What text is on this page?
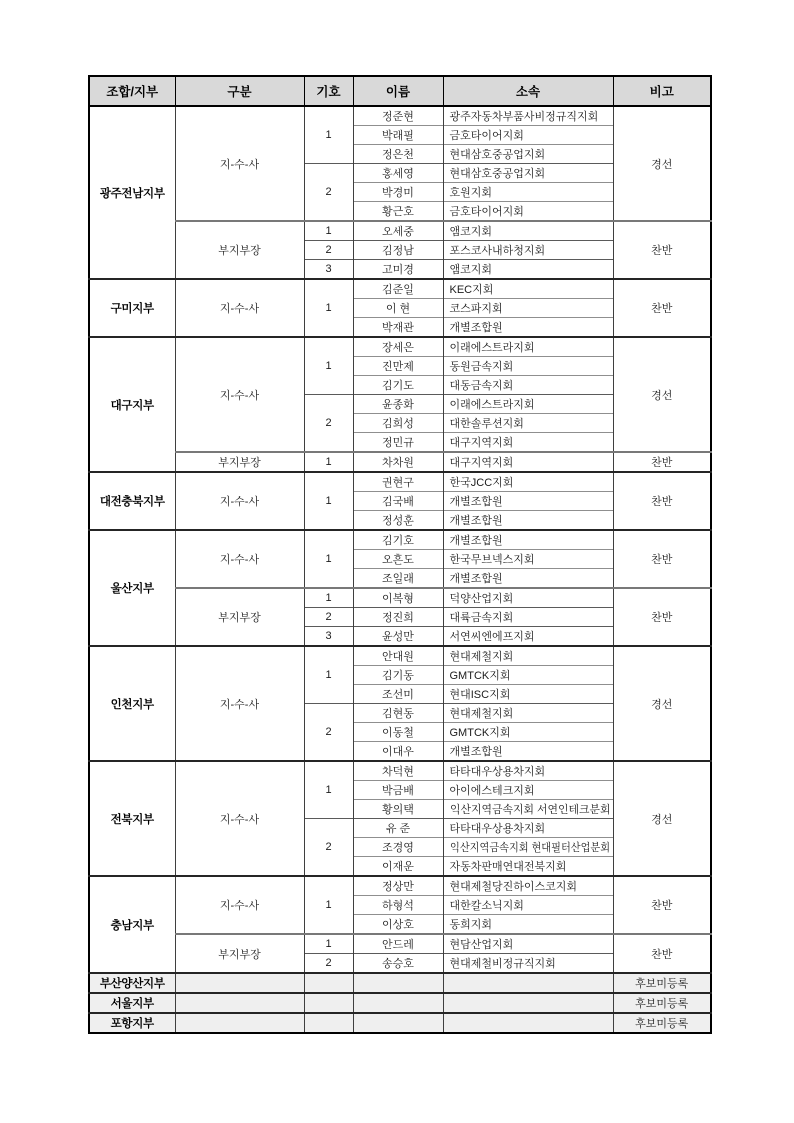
조합/지부	구분	기호	이름	소속	비고
광주전남지부	지-수-사	1	정준현	광주자동차부품사비정규직지회	경선
			박래필	금호타이어지회	
			정은천	현대삼호중공업지회	
		2	홍세영	현대삼호중공업지회	
			박경미	호원지회	
			황근호	금호타이어지회	
	부지부장	1	오세중	앰코지회	찬반
		2	김정남	포스코사내하청지회	
		3	고미경	앰코지회	
구미지부	지-수-사	1	김준일	KEC지회	찬반
			이 현	코스파지회	
			박재관	개별조합원	
대구지부	지-수-사	1	장세은	이래에스트라지회	경선
			진만제	동원금속지회	
			김기도	대동금속지회	
		2	윤종화	이래에스트라지회	
			김희성	대한솔루션지회	
			정민규	대구지역지회	
	부지부장	1	차차원	대구지역지회	찬반
대전충북지부	지-수-사	1	권현구	한국JCC지회	찬반
			김국배	개별조합원	
			정성훈	개별조합원	
울산지부	지-수-사	1	김기호	개별조합원	찬반
			오흔도	한국무브넥스지회	
			조일래	개별조합원	
	부지부장	1	이복형	덕양산업지회	찬반
		2	정진희	대륙금속지회	
		3	윤성만	서연씨엔에프지회	
인천지부	지-수-사	1	안대원	현대제철지회	경선
			김기동	GMTCK지회	
			조선미	현대ISC지회	
		2	김현동	현대제철지회	
			이동철	GMTCK지회	
			이대우	개별조합원	
전북지부	지-수-사	1	차덕현	타타대우상용차지회	경선
			박금배	아이에스테크지회	
			황의택	익산지역금속지회 서연인테크분회	
		2	유 준	타타대우상용차지회	
			조경영	익산지역금속지회 현대필터산업분회	
			이재운	자동차판매연대전북지회	
충남지부	지-수-사	1	정상만	현대제철당진하이스코지회	찬반
			하형석	대한칼소닉지회	
			이상호	동희지회	
	부지부장	1	안드레	현담산업지회	찬반
		2	송승호	현대제철비정규직지회	
부산양산지부					후보미등록
서울지부					후보미등록
포항지부					후보미등록
